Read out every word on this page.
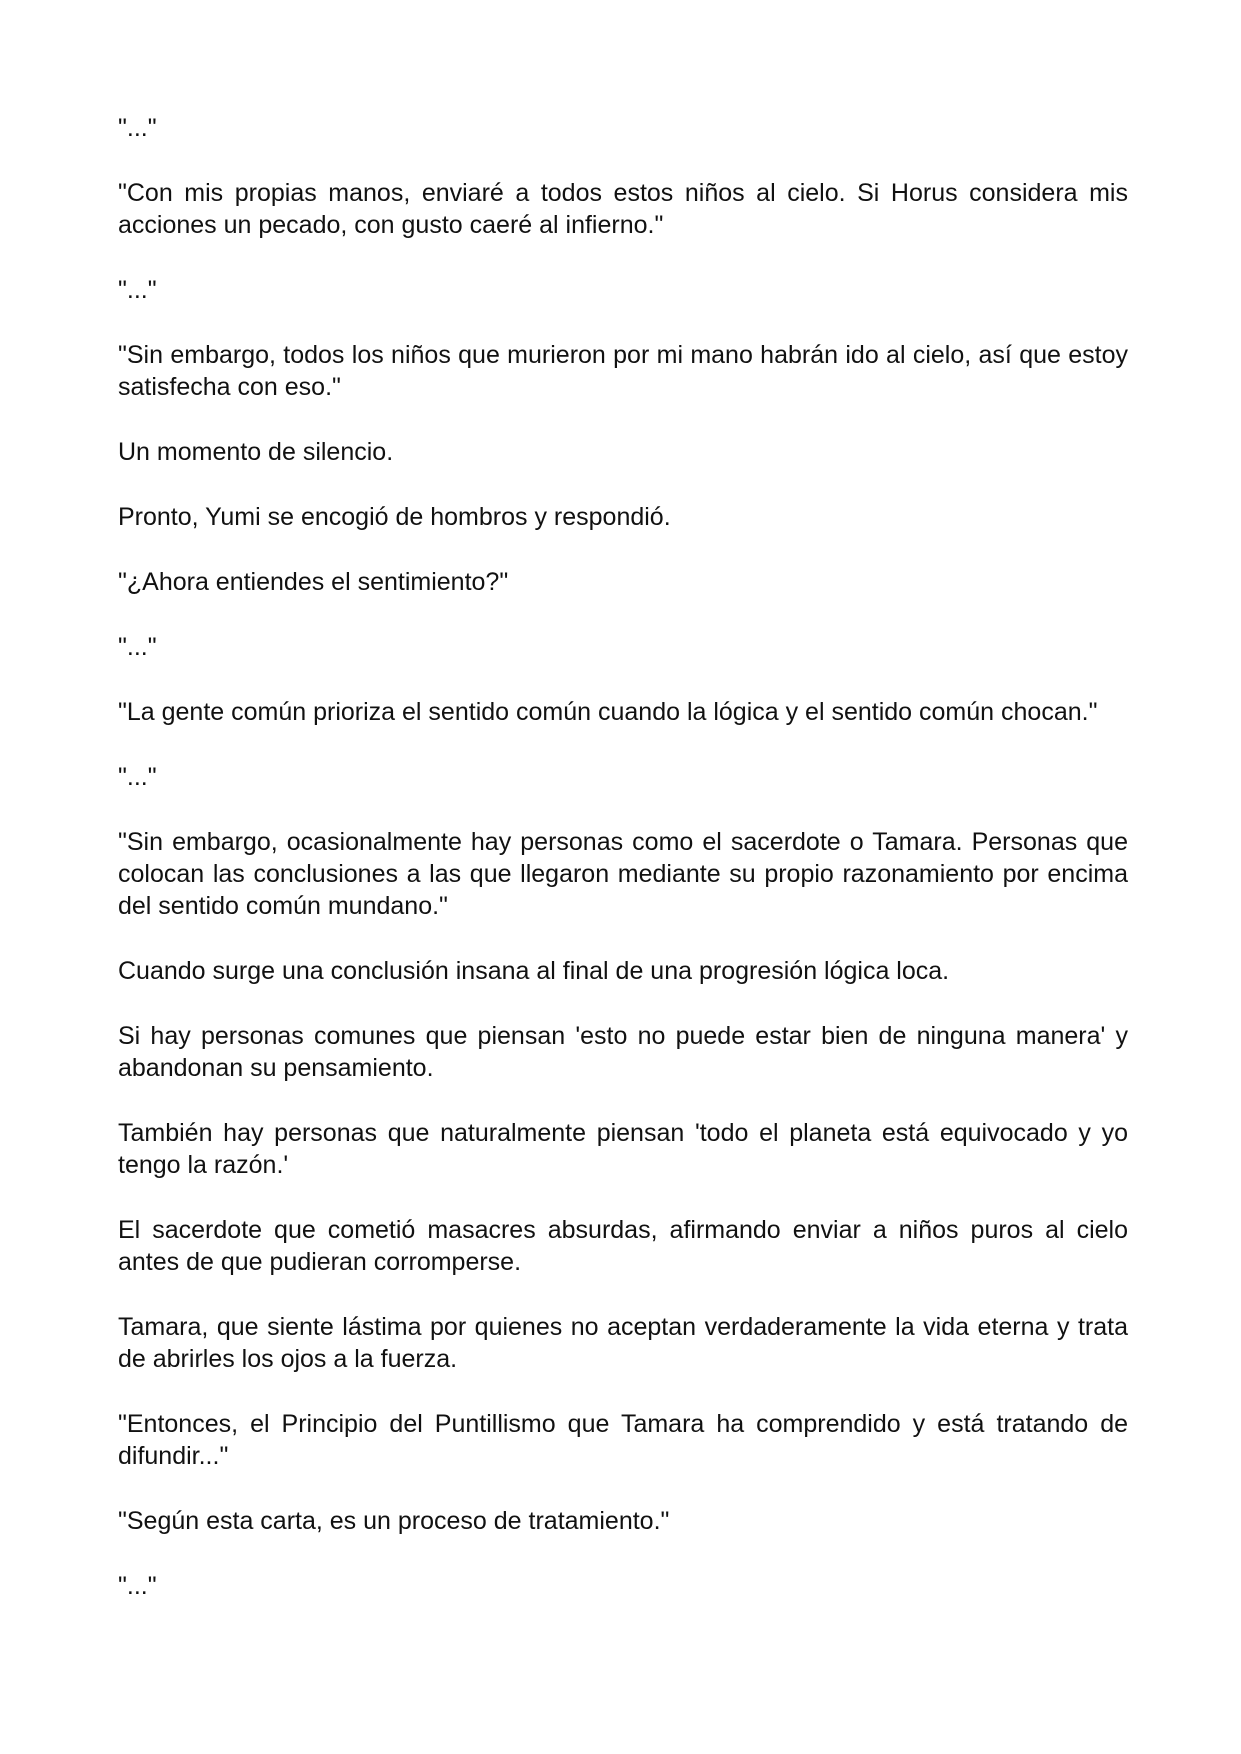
"..."

"Con mis propias manos, enviaré a todos estos niños al cielo. Si Horus considera mis acciones un pecado, con gusto caeré al infierno."

"..."

"Sin embargo, todos los niños que murieron por mi mano habrán ido al cielo, así que estoy satisfecha con eso."

Un momento de silencio.

Pronto, Yumi se encogió de hombros y respondió.

"¿Ahora entiendes el sentimiento?"

"..."

"La gente común prioriza el sentido común cuando la lógica y el sentido común chocan."

"..."

"Sin embargo, ocasionalmente hay personas como el sacerdote o Tamara. Personas que colocan las conclusiones a las que llegaron mediante su propio razonamiento por encima del sentido común mundano."

Cuando surge una conclusión insana al final de una progresión lógica loca.

Si hay personas comunes que piensan 'esto no puede estar bien de ninguna manera' y abandonan su pensamiento.

También hay personas que naturalmente piensan 'todo el planeta está equivocado y yo tengo la razón.'

El sacerdote que cometió masacres absurdas, afirmando enviar a niños puros al cielo antes de que pudieran corromperse.

Tamara, que siente lástima por quienes no aceptan verdaderamente la vida eterna y trata de abrirles los ojos a la fuerza.

"Entonces, el Principio del Puntillismo que Tamara ha comprendido y está tratando de difundir..."

"Según esta carta, es un proceso de tratamiento."

"..."
